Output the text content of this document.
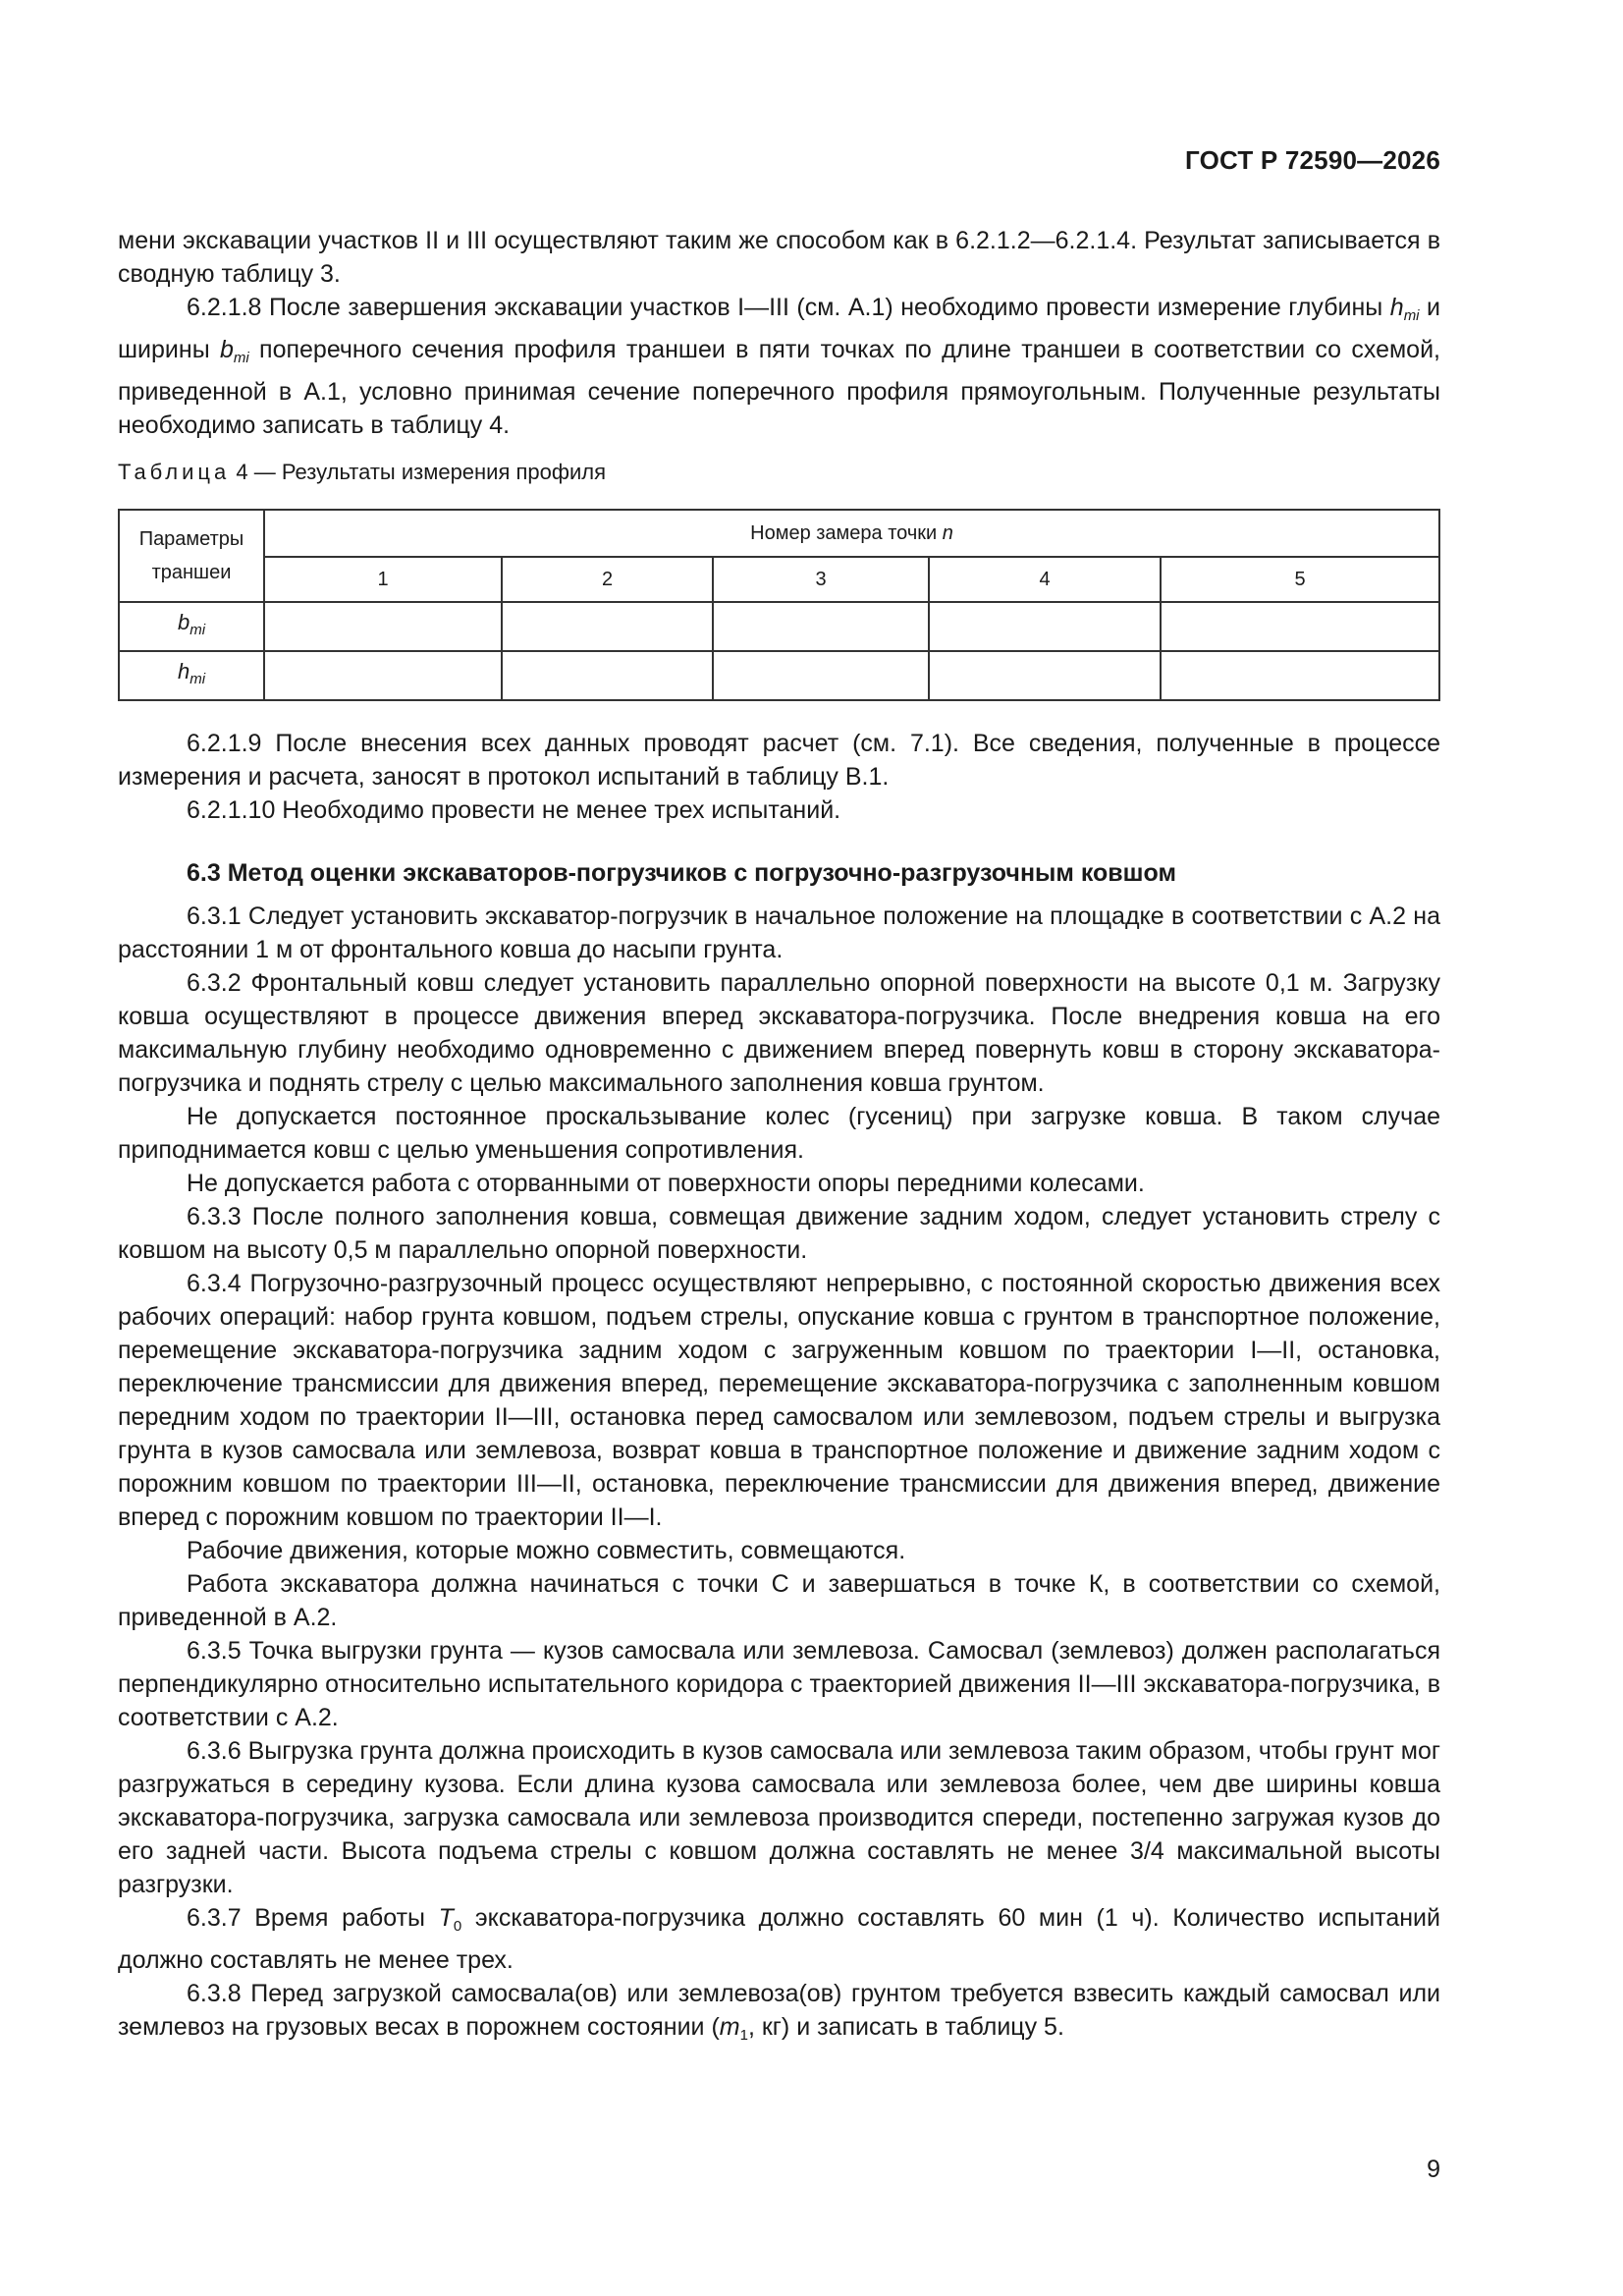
ГОСТ Р 72590—2026

мени экскавации участков II и III осуществляют таким же способом как в 6.2.1.2—6.2.1.4. Результат записывается в сводную таблицу 3.

6.2.1.8 После завершения экскавации участков I—III (см. А.1) необходимо провести измерение глубины $h_{тi}$ и ширины $b_{тi}$ поперечного сечения профиля траншеи в пяти точках по длине траншеи в соответствии со схемой, приведенной в А.1, условно принимая сечение поперечного профиля прямоугольным. Полученные результаты необходимо записать в таблицу 4.

Таблица 4 — Результаты измерения профиля
Параметры траншеи	Номер замера точки n				
	1	2	3	4	5
$b_{тi}$					
$h_{тi}$					

6.2.1.9 После внесения всех данных проводят расчет (см. 7.1). Все сведения, полученные в процессе измерения и расчета, заносят в протокол испытаний в таблицу В.1.

6.2.1.10 Необходимо провести не менее трех испытаний.

6.3 Метод оценки экскаваторов-погрузчиков с погрузочно-разгрузочным ковшом

6.3.1 Следует установить экскаватор-погрузчик в начальное положение на площадке в соответствии с А.2 на расстоянии 1 м от фронтального ковша до насыпи грунта.

6.3.2 Фронтальный ковш следует установить параллельно опорной поверхности на высоте 0,1 м. Загрузку ковша осуществляют в процессе движения вперед экскаватора-погрузчика. После внедрения ковша на его максимальную глубину необходимо одновременно с движением вперед повернуть ковш в сторону экскаватора-погрузчика и поднять стрелу с целью максимального заполнения ковша грунтом.

Не допускается постоянное проскальзывание колес (гусениц) при загрузке ковша. В таком случае приподнимается ковш с целью уменьшения сопротивления.

Не допускается работа с оторванными от поверхности опоры передними колесами.

6.3.3 После полного заполнения ковша, совмещая движение задним ходом, следует установить стрелу с ковшом на высоту 0,5 м параллельно опорной поверхности.

6.3.4 Погрузочно-разгрузочный процесс осуществляют непрерывно, с постоянной скоростью движения всех рабочих операций: набор грунта ковшом, подъем стрелы, опускание ковша с грунтом в транспортное положение, перемещение экскаватора-погрузчика задним ходом с загруженным ковшом по траектории I—II, остановка, переключение трансмиссии для движения вперед, перемещение экскаватора-погрузчика с заполненным ковшом передним ходом по траектории II—III, остановка перед самосвалом или землевозом, подъем стрелы и выгрузка грунта в кузов самосвала или землевоза, возврат ковша в транспортное положение и движение задним ходом с порожним ковшом по траектории III—II, остановка, переключение трансмиссии для движения вперед, движение вперед с порожним ковшом по траектории II—I.

Рабочие движения, которые можно совместить, совмещаются.

Работа экскаватора должна начинаться с точки С и завершаться в точке К, в соответствии со схемой, приведенной в А.2.

6.3.5 Точка выгрузки грунта — кузов самосвала или землевоза. Самосвал (землевоз) должен располагаться перпендикулярно относительно испытательного коридора с траекторией движения II—III экскаватора-погрузчика, в соответствии с А.2.

6.3.6 Выгрузка грунта должна происходить в кузов самосвала или землевоза таким образом, чтобы грунт мог разгружаться в середину кузова. Если длина кузова самосвала или землевоза более, чем две ширины ковша экскаватора-погрузчика, загрузка самосвала или землевоза производится спереди, постепенно загружая кузов до его задней части. Высота подъема стрелы с ковшом должна составлять не менее 3/4 максимальной высоты разгрузки.

6.3.7 Время работы $T_0$ экскаватора-погрузчика должно составлять 60 мин (1 ч). Количество испытаний должно составлять не менее трех.

6.3.8 Перед загрузкой самосвала(ов) или землевоза(ов) грунтом требуется взвесить каждый самосвал или землевоз на грузовых весах в порожнем состоянии ($m_1$, кг) и записать в таблицу 5.

9
